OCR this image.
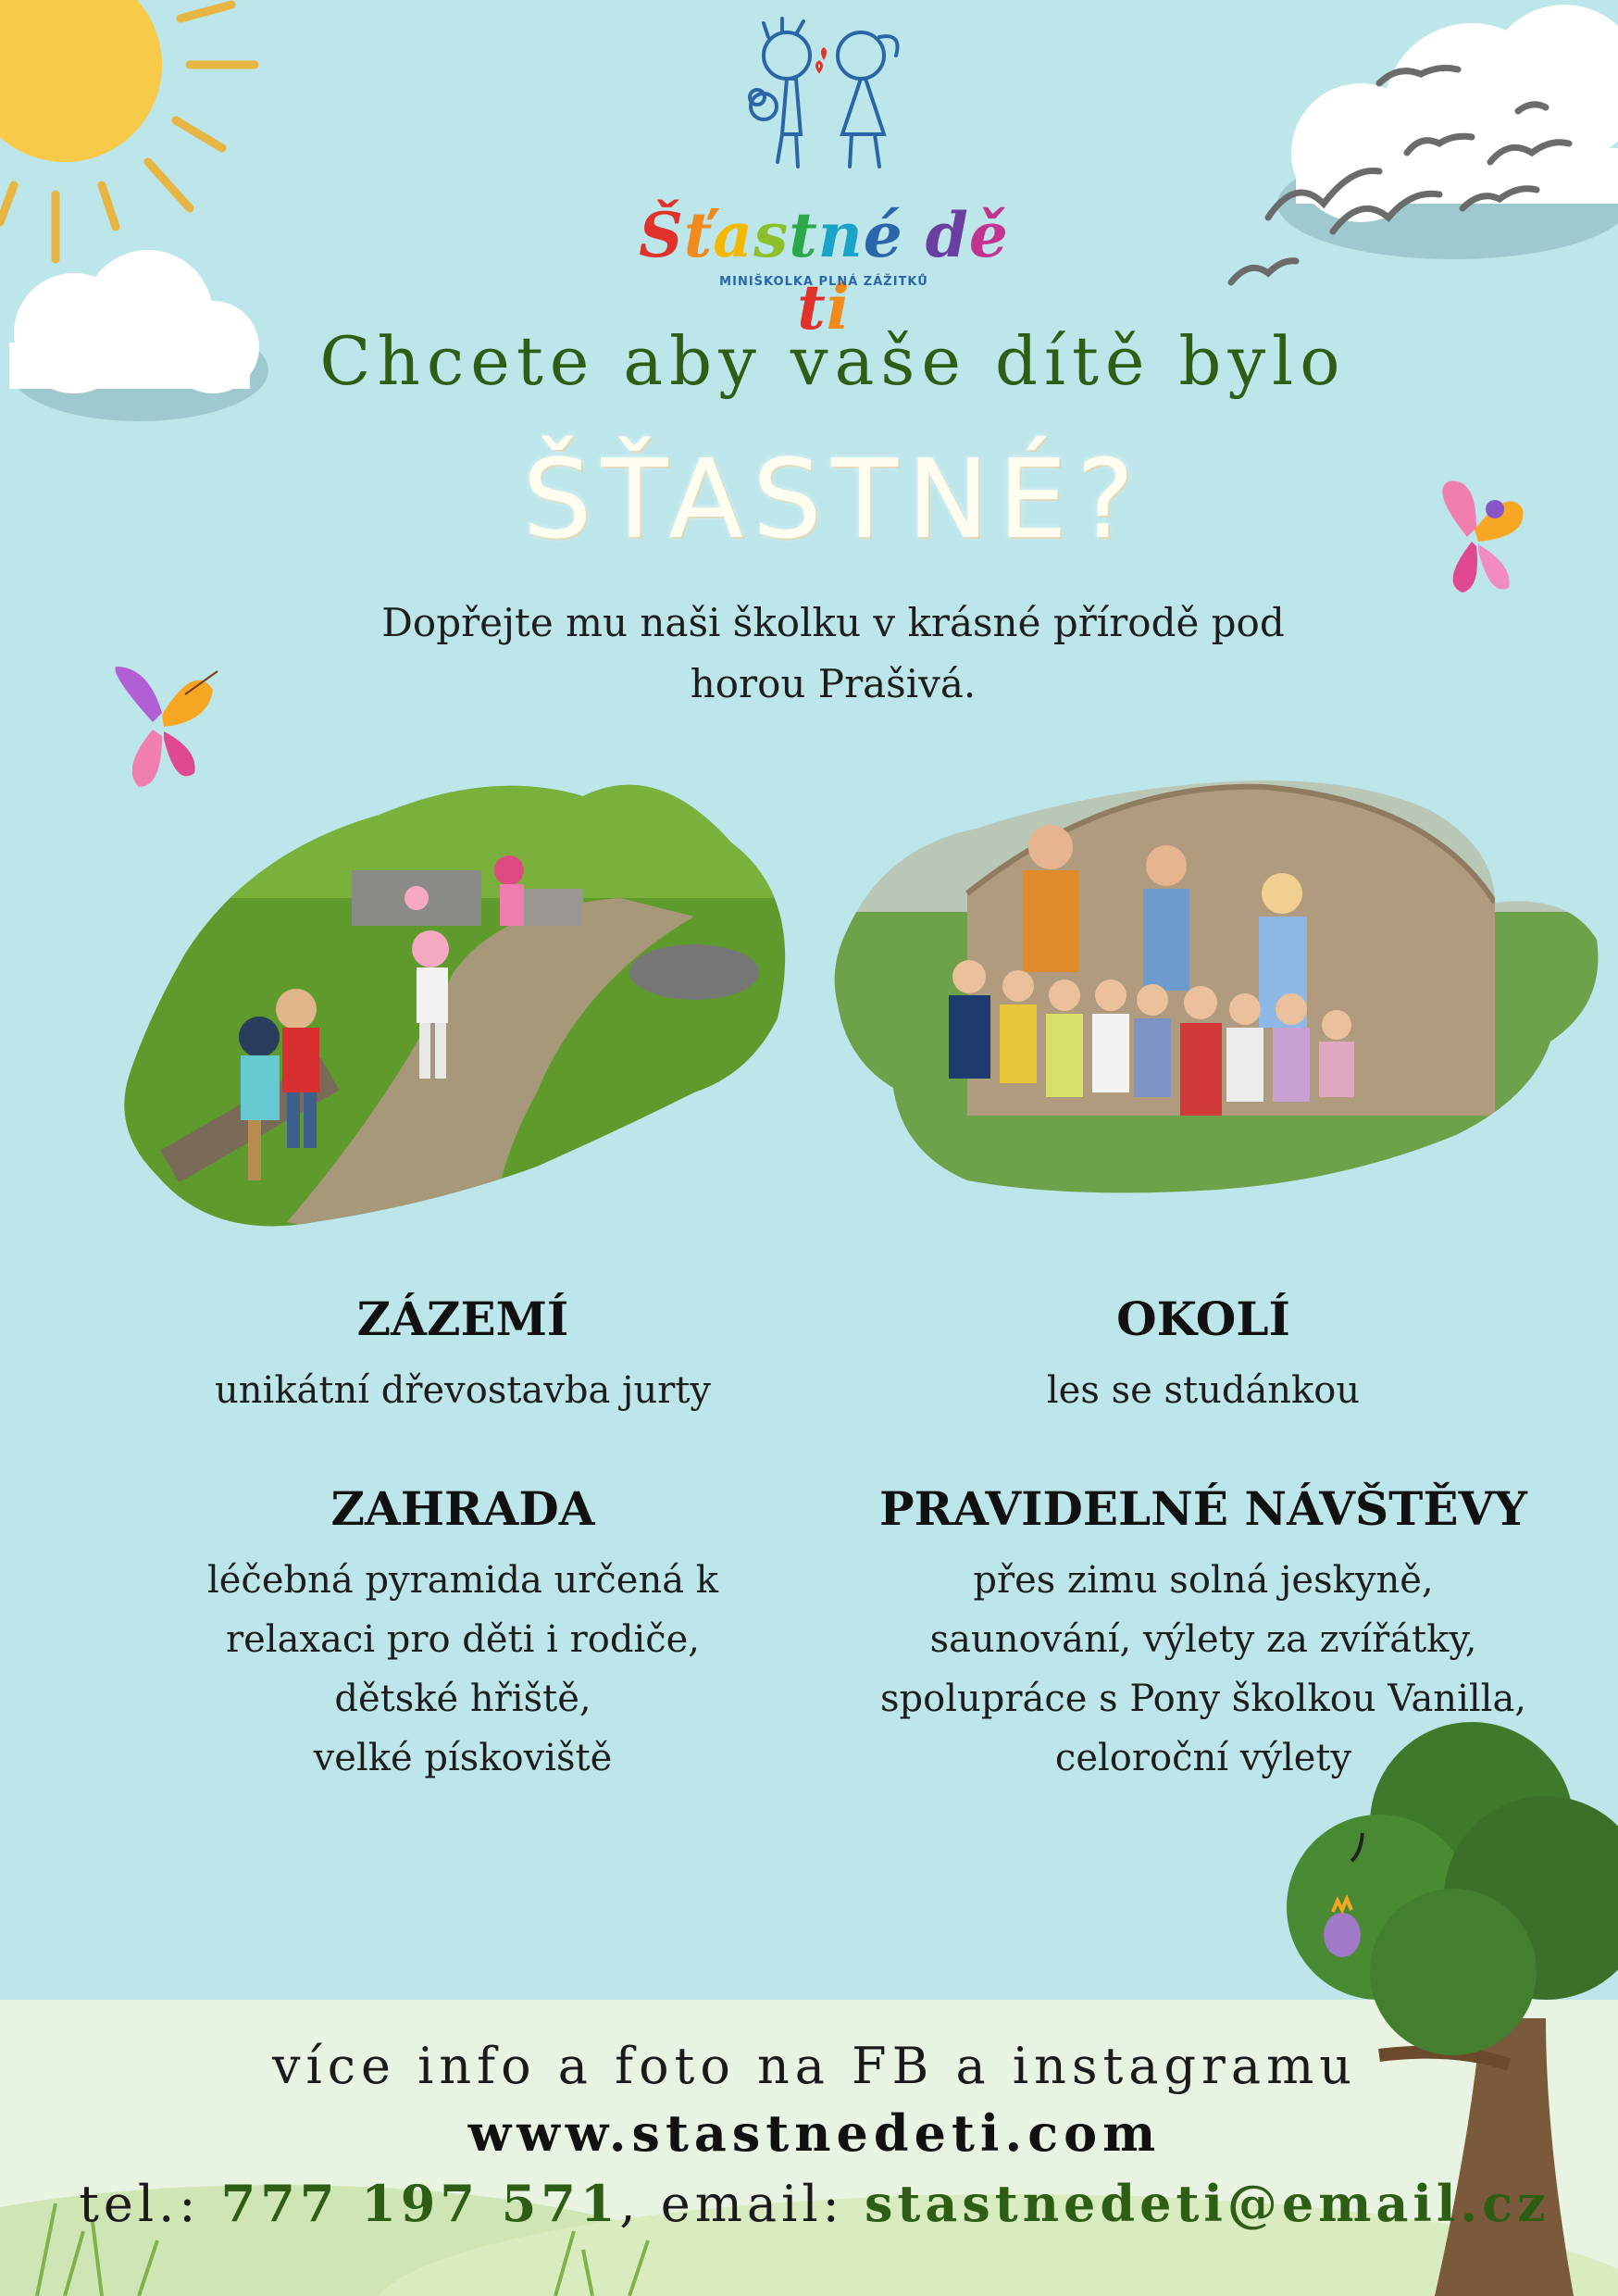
Šťastné děti
MINIŠKOLKA PLNÁ ZÁŽITKŮ
Chcete aby vaše dítě bylo
ŠŤASTNÉ?
Dopřejte mu naši školku v krásné přírodě pod
horou Prašivá.
ZÁZEMÍ
unikátní dřevostavba jurty
OKOLÍ
les se studánkou
ZAHRADA
léčebná pyramida určená k
relaxaci pro děti i rodiče,
dětské hřiště,
velké pískoviště
PRAVIDELNÉ NÁVŠTĚVY
přes zimu solná jeskyně,
saunování, výlety za zvířátky,
spolupráce s Pony školkou Vanilla,
celoroční výlety
více info a foto na FB a instagramu
www.stastnedeti.com
tel.: 777 197 571, email: stastnedeti@email.cz
